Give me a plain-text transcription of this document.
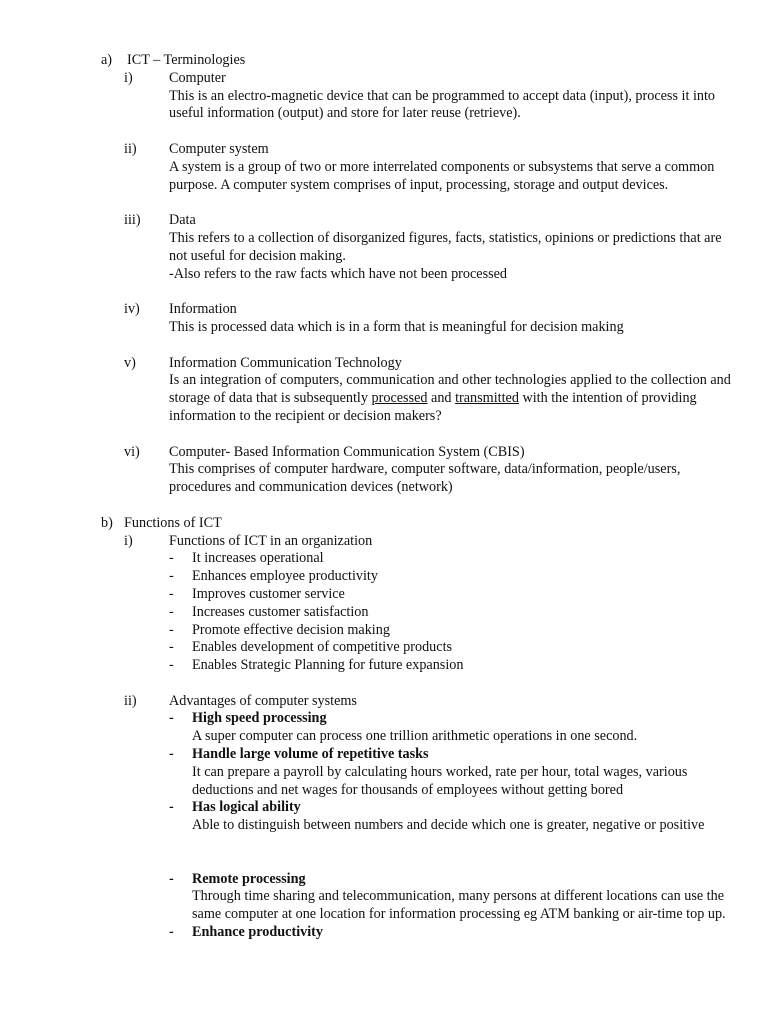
a) ICT – Terminologies
i)	Computer

This is an electro-magnetic device that can be programmed to accept data (input), process it into useful information (output) and store for later reuse (retrieve).

ii) Computer system

A system is a group of two or more interrelated components or subsystems that serve a common purpose. A computer system comprises of input, processing, storage and output devices.

iii) Data

This refers to a collection of disorganized figures, facts, statistics, opinions or predictions that are not useful for decision making.

-Also refers to the raw facts which have not been processed

iv) Information

This is processed data which is in a form that is meaningful for decision making

v) Information Communication Technology

Is an integration of computers, communication and other technologies applied to the collection and storage of data that is subsequently processed and transmitted with the intention of providing information to the recipient or decision makers?

vi) Computer- Based Information Communication System (CBIS)

This comprises of computer hardware, computer software, data/information, people/users, procedures and communication devices (network)

b) Functions of ICT
i)	Functions of ICT in an organization

- It increases operational

- Enhances employee productivity

- Improves customer service

- Increases customer satisfaction

- Promote effective decision making

- Enables development of competitive products

- Enables Strategic Planning for future expansion

ii) Advantages of computer systems

- High speed processing

A super computer can process one trillion arithmetic operations in one second.

- Handle large volume of repetitive tasks

It can prepare a payroll by calculating hours worked, rate per hour, total wages, various deductions and net wages for thousands of employees without getting bored

- Has logical ability

Able to distinguish between numbers and decide which one is greater, negative or positive

- Remote processing

Through time sharing and telecommunication, many persons at different locations can use the same computer at one location for information processing eg ATM banking or air-time top up.

- Enhance productivity
